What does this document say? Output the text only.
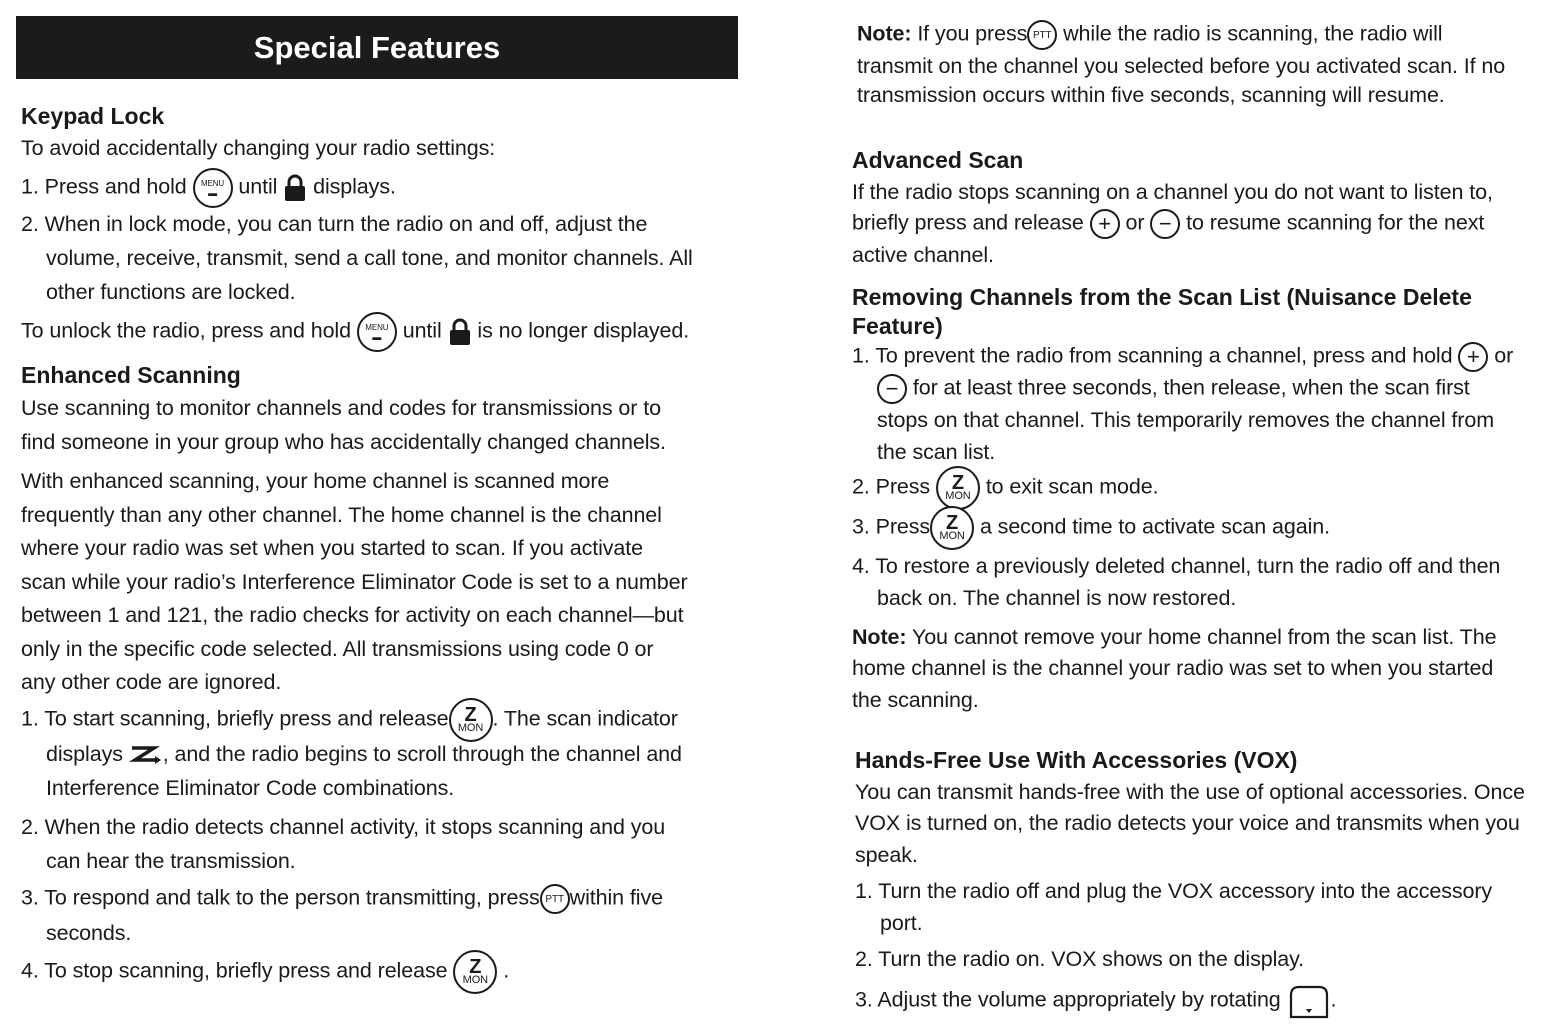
Special Features
Keypad Lock
To avoid accidentally changing your radio settings:
1. Press and hold MENU
▬ until displays.
2. When in lock mode, you can turn the radio on and off, adjust the
volume, receive, transmit, send a call tone, and monitor channels. All
other functions are locked.
To unlock the radio, press and hold MENU
▬ until is no longer displayed.
Enhanced Scanning
Use scanning to monitor channels and codes for transmissions or to
find someone in your group who has accidentally changed channels.
With enhanced scanning, your home channel is scanned more
frequently than any other channel. The home channel is the channel
where your radio was set when you started to scan. If you activate
scan while your radio’s Interference Eliminator Code is set to a number
between 1 and 121, the radio checks for activity on each channel—but
only in the specific code selected. All transmissions using code 0 or
any other code are ignored.
1. To start scanning, briefly press and release Z
MON . The scan indicator
displays , and the radio begins to scroll through the channel and
Interference Eliminator Code combinations.
2. When the radio detects channel activity, it stops scanning and you
can hear the transmission.
3. To respond and talk to the person transmitting, press PTT within five
seconds.
4. To stop scanning, briefly press and release Z
MON .
Note: If you press PTT while the radio is scanning, the radio will
transmit on the channel you selected before you activated scan. If no
transmission occurs within five seconds, scanning will resume.
Advanced Scan
If the radio stops scanning on a channel you do not want to listen to,
briefly press and release + or − to resume scanning for the next
active channel.
Removing Channels from the Scan List (Nuisance Delete
Feature)
1. To prevent the radio from scanning a channel, press and hold + or
− for at least three seconds, then release, when the scan first
stops on that channel. This temporarily removes the channel from
the scan list.
2. Press Z
MON to exit scan mode.
3. Press Z
MON a second time to activate scan again.
4. To restore a previously deleted channel, turn the radio off and then
back on. The channel is now restored.
Note: You cannot remove your home channel from the scan list. The
home channel is the channel your radio was set to when you started
the scanning.
Hands-Free Use With Accessories (VOX)
You can transmit hands-free with the use of optional accessories. Once
VOX is turned on, the radio detects your voice and transmits when you
speak.
1. Turn the radio off and plug the VOX accessory into the accessory
port.
2. Turn the radio on. VOX shows on the display.
3. Adjust the volume appropriately by rotating .
